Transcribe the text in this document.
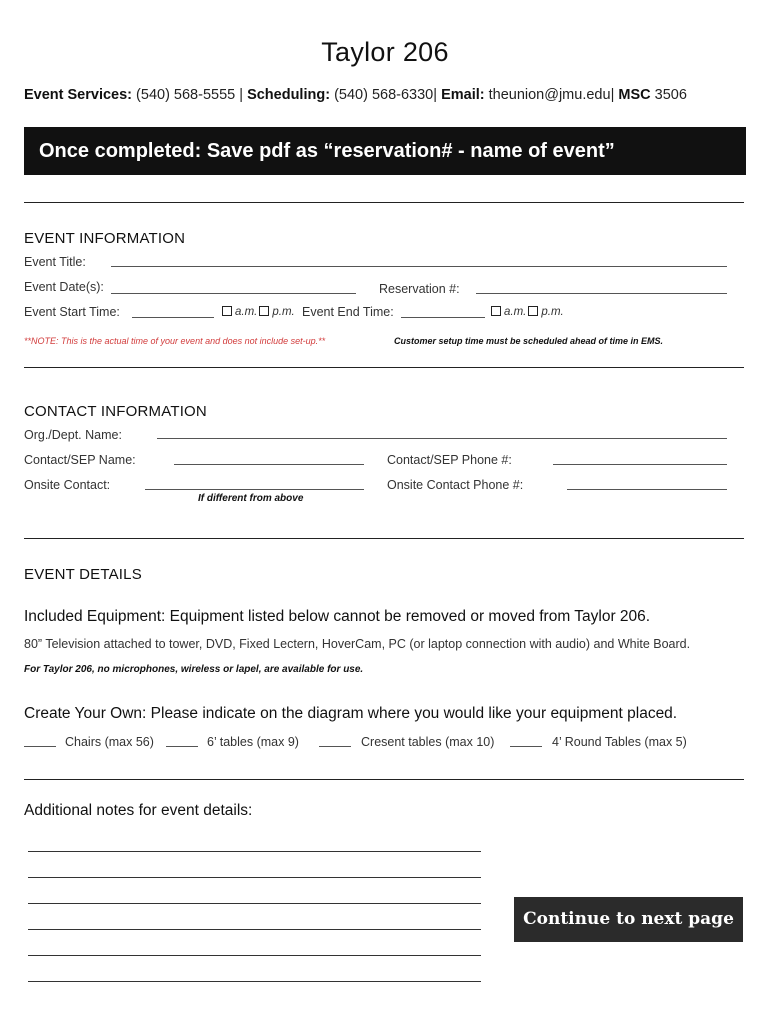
Taylor 206
Event Services: (540) 568-5555 | Scheduling: (540) 568-6330| Email: theunion@jmu.edu| MSC 3506
Once completed: Save pdf as “reservation# - name of event”
EVENT INFORMATION
Event Title:
Event Date(s):	Reservation #:
Event Start Time:	a.m. p.m. Event End Time:	a.m. p.m.
**NOTE: This is the actual time of your event and does not include set-up.**	Customer setup time must be scheduled ahead of time in EMS.
CONTACT INFORMATION
Org./Dept. Name:
Contact/SEP Name:	Contact/SEP Phone #:
Onsite Contact:	Onsite Contact Phone #:
If different from above
EVENT DETAILS
Included Equipment: Equipment listed below cannot be removed or moved from Taylor 206.
80” Television attached to tower, DVD, Fixed Lectern, HoverCam, PC (or laptop connection with audio) and White Board.
For Taylor 206, no microphones, wireless or lapel, are available for use.
Create Your Own: Please indicate on the diagram where you would like your equipment placed.
Chairs (max 56)	6’ tables (max 9)	Cresent tables (max 10)	4’ Round Tables (max 5)
Additional notes for event details:
Continue to next page
